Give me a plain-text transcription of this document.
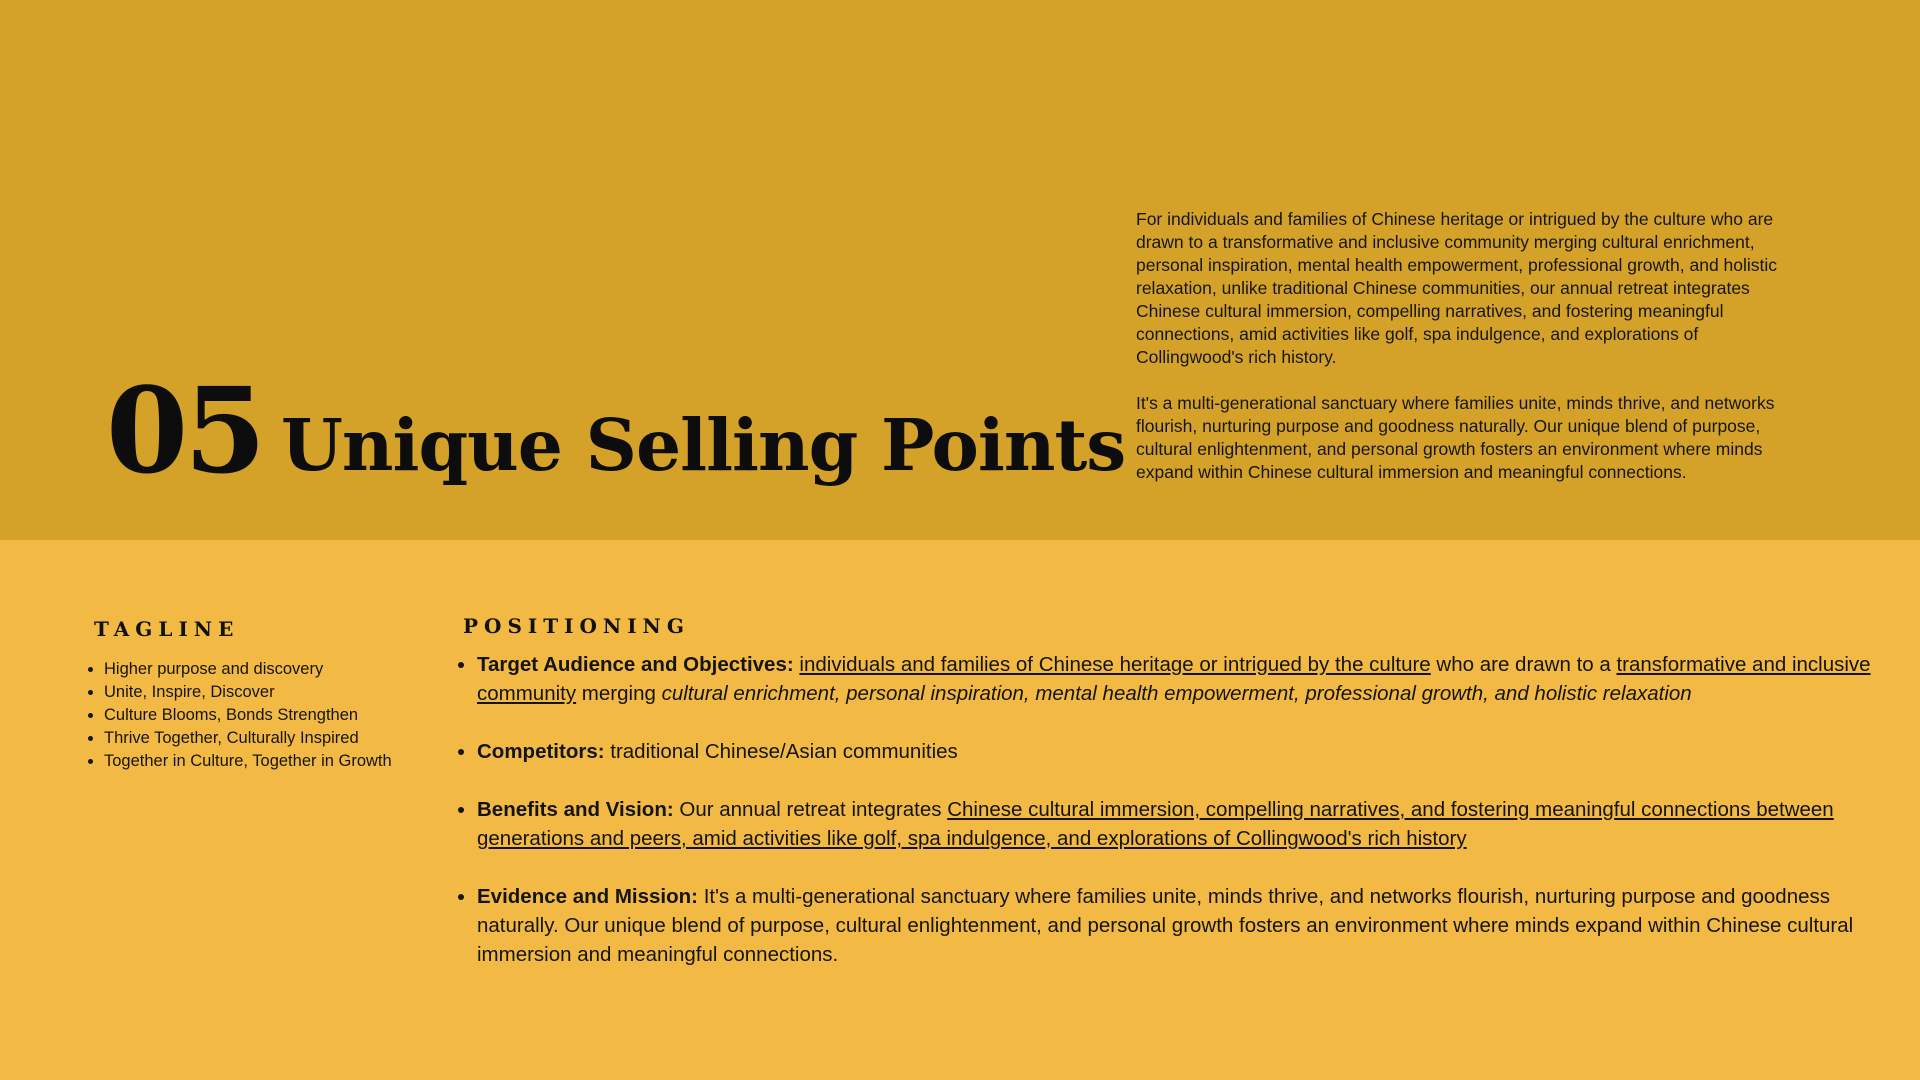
05 Unique Selling Points

For individuals and families of Chinese heritage or intrigued by the culture who are drawn to a transformative and inclusive community merging cultural enrichment, personal inspiration, mental health empowerment, professional growth, and holistic relaxation, unlike traditional Chinese communities, our annual retreat integrates Chinese cultural immersion, compelling narratives, and fostering meaningful connections, amid activities like golf, spa indulgence, and explorations of Collingwood's rich history.

It's a multi-generational sanctuary where families unite, minds thrive, and networks flourish, nurturing purpose and goodness naturally. Our unique blend of purpose, cultural enlightenment, and personal growth fosters an environment where minds expand within Chinese cultural immersion and meaningful connections.

TAGLINE
• Higher purpose and discovery
• Unite, Inspire, Discover
• Culture Blooms, Bonds Strengthen
• Thrive Together, Culturally Inspired
• Together in Culture, Together in Growth
POSITIONING
• Target Audience and Objectives: individuals and families of Chinese heritage or intrigued by the culture who are drawn to a transformative and inclusive community merging cultural enrichment, personal inspiration, mental health empowerment, professional growth, and holistic relaxation
• Competitors: traditional Chinese/Asian communities
• Benefits and Vision: Our annual retreat integrates Chinese cultural immersion, compelling narratives, and fostering meaningful connections between generations and peers, amid activities like golf, spa indulgence, and explorations of Collingwood's rich history
• Evidence and Mission: It's a multi-generational sanctuary where families unite, minds thrive, and networks flourish, nurturing purpose and goodness naturally. Our unique blend of purpose, cultural enlightenment, and personal growth fosters an environment where minds expand within Chinese cultural immersion and meaningful connections.
